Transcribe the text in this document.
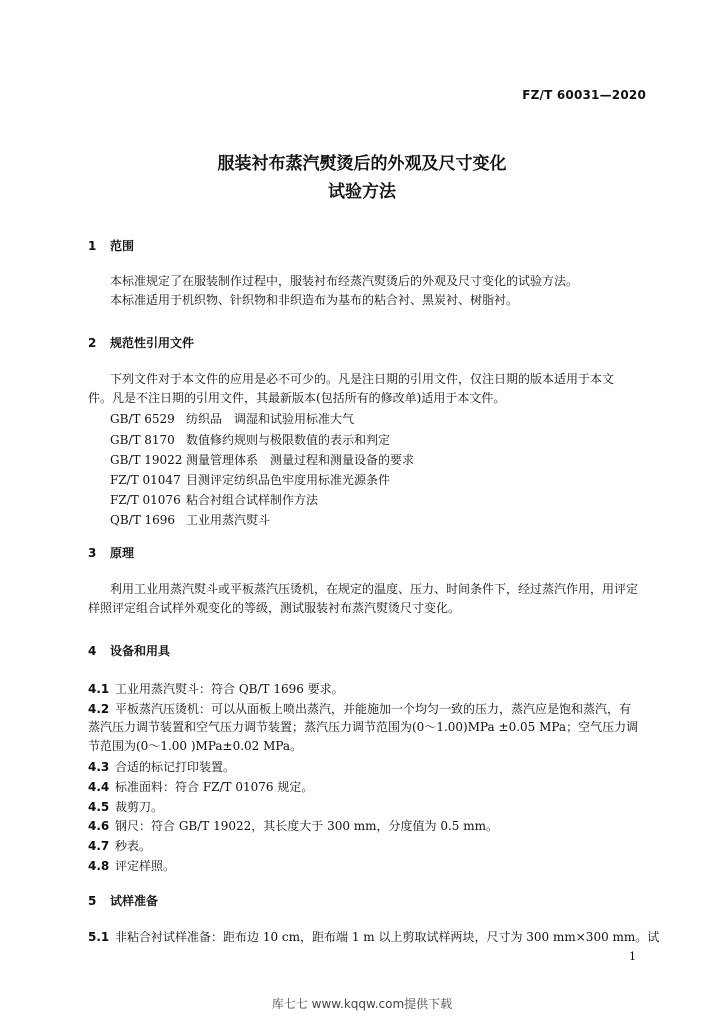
FZ/T 60031—2020
服装衬布蒸汽熨烫后的外观及尺寸变化
试验方法
1 范围
本标准规定了在服装制作过程中，服装衬布经蒸汽熨烫后的外观及尺寸变化的试验方法。
本标准适用于机织物、针织物和非织造布为基布的粘合衬、黑炭衬、树脂衬。
2 规范性引用文件
下列文件对于本文件的应用是必不可少的。凡是注日期的引用文件，仅注日期的版本适用于本文
件。凡是不注日期的引用文件，其最新版本(包括所有的修改单)适用于本文件。
GB/T 6529 纺织品　调湿和试验用标准大气
GB/T 8170 数值修约规则与极限数值的表示和判定
GB/T 19022 测量管理体系　测量过程和测量设备的要求
FZ/T 01047 目测评定纺织品色牢度用标准光源条件
FZ/T 01076 粘合衬组合试样制作方法
QB/T 1696 工业用蒸汽熨斗
3 原理
利用工业用蒸汽熨斗或平板蒸汽压烫机，在规定的温度、压力、时间条件下，经过蒸汽作用，用评定
样照评定组合试样外观变化的等级，测试服装衬布蒸汽熨烫尺寸变化。
4 设备和用具
4.1 工业用蒸汽熨斗：符合 QB/T 1696 要求。
4.2 平板蒸汽压烫机：可以从面板上喷出蒸汽，并能施加一个均匀一致的压力，蒸汽应是饱和蒸汽，有
蒸汽压力调节装置和空气压力调节装置；蒸汽压力调节范围为(0～1.00)MPa ±0.05 MPa；空气压力调
节范围为(0～1.00 )MPa±0.02 MPa。
4.3 合适的标记打印装置。
4.4 标准面料：符合 FZ/T 01076 规定。
4.5 裁剪刀。
4.6 钢尺：符合 GB/T 19022，其长度大于 300 mm，分度值为 0.5 mm。
4.7 秒表。
4.8 评定样照。
5 试样准备
5.1 非粘合衬试样准备：距布边 10 cm，距布端 1 m 以上剪取试样两块，尺寸为 300 mm×300 mm。试
1
库七七 www.kqqw.com提供下载
